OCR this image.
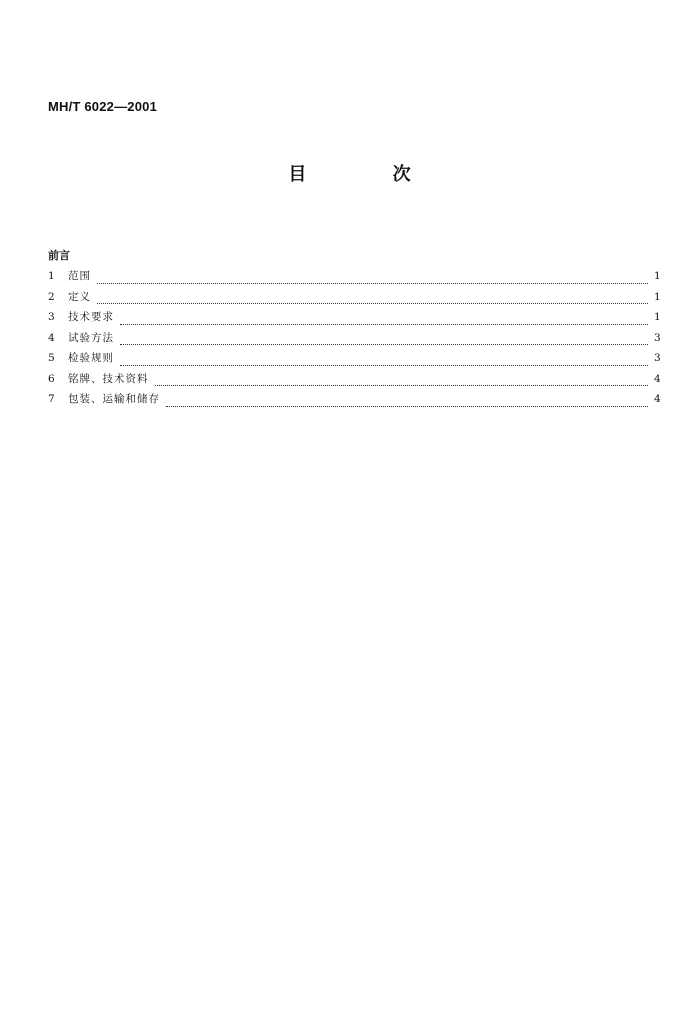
MH/T 6022—2001
目 次
前言
1	范围	1
2	定义	1
3	技术要求	1
4	试验方法	3
5	检验规则	3
6	铭牌、技术资料	4
7	包装、运输和储存	4
